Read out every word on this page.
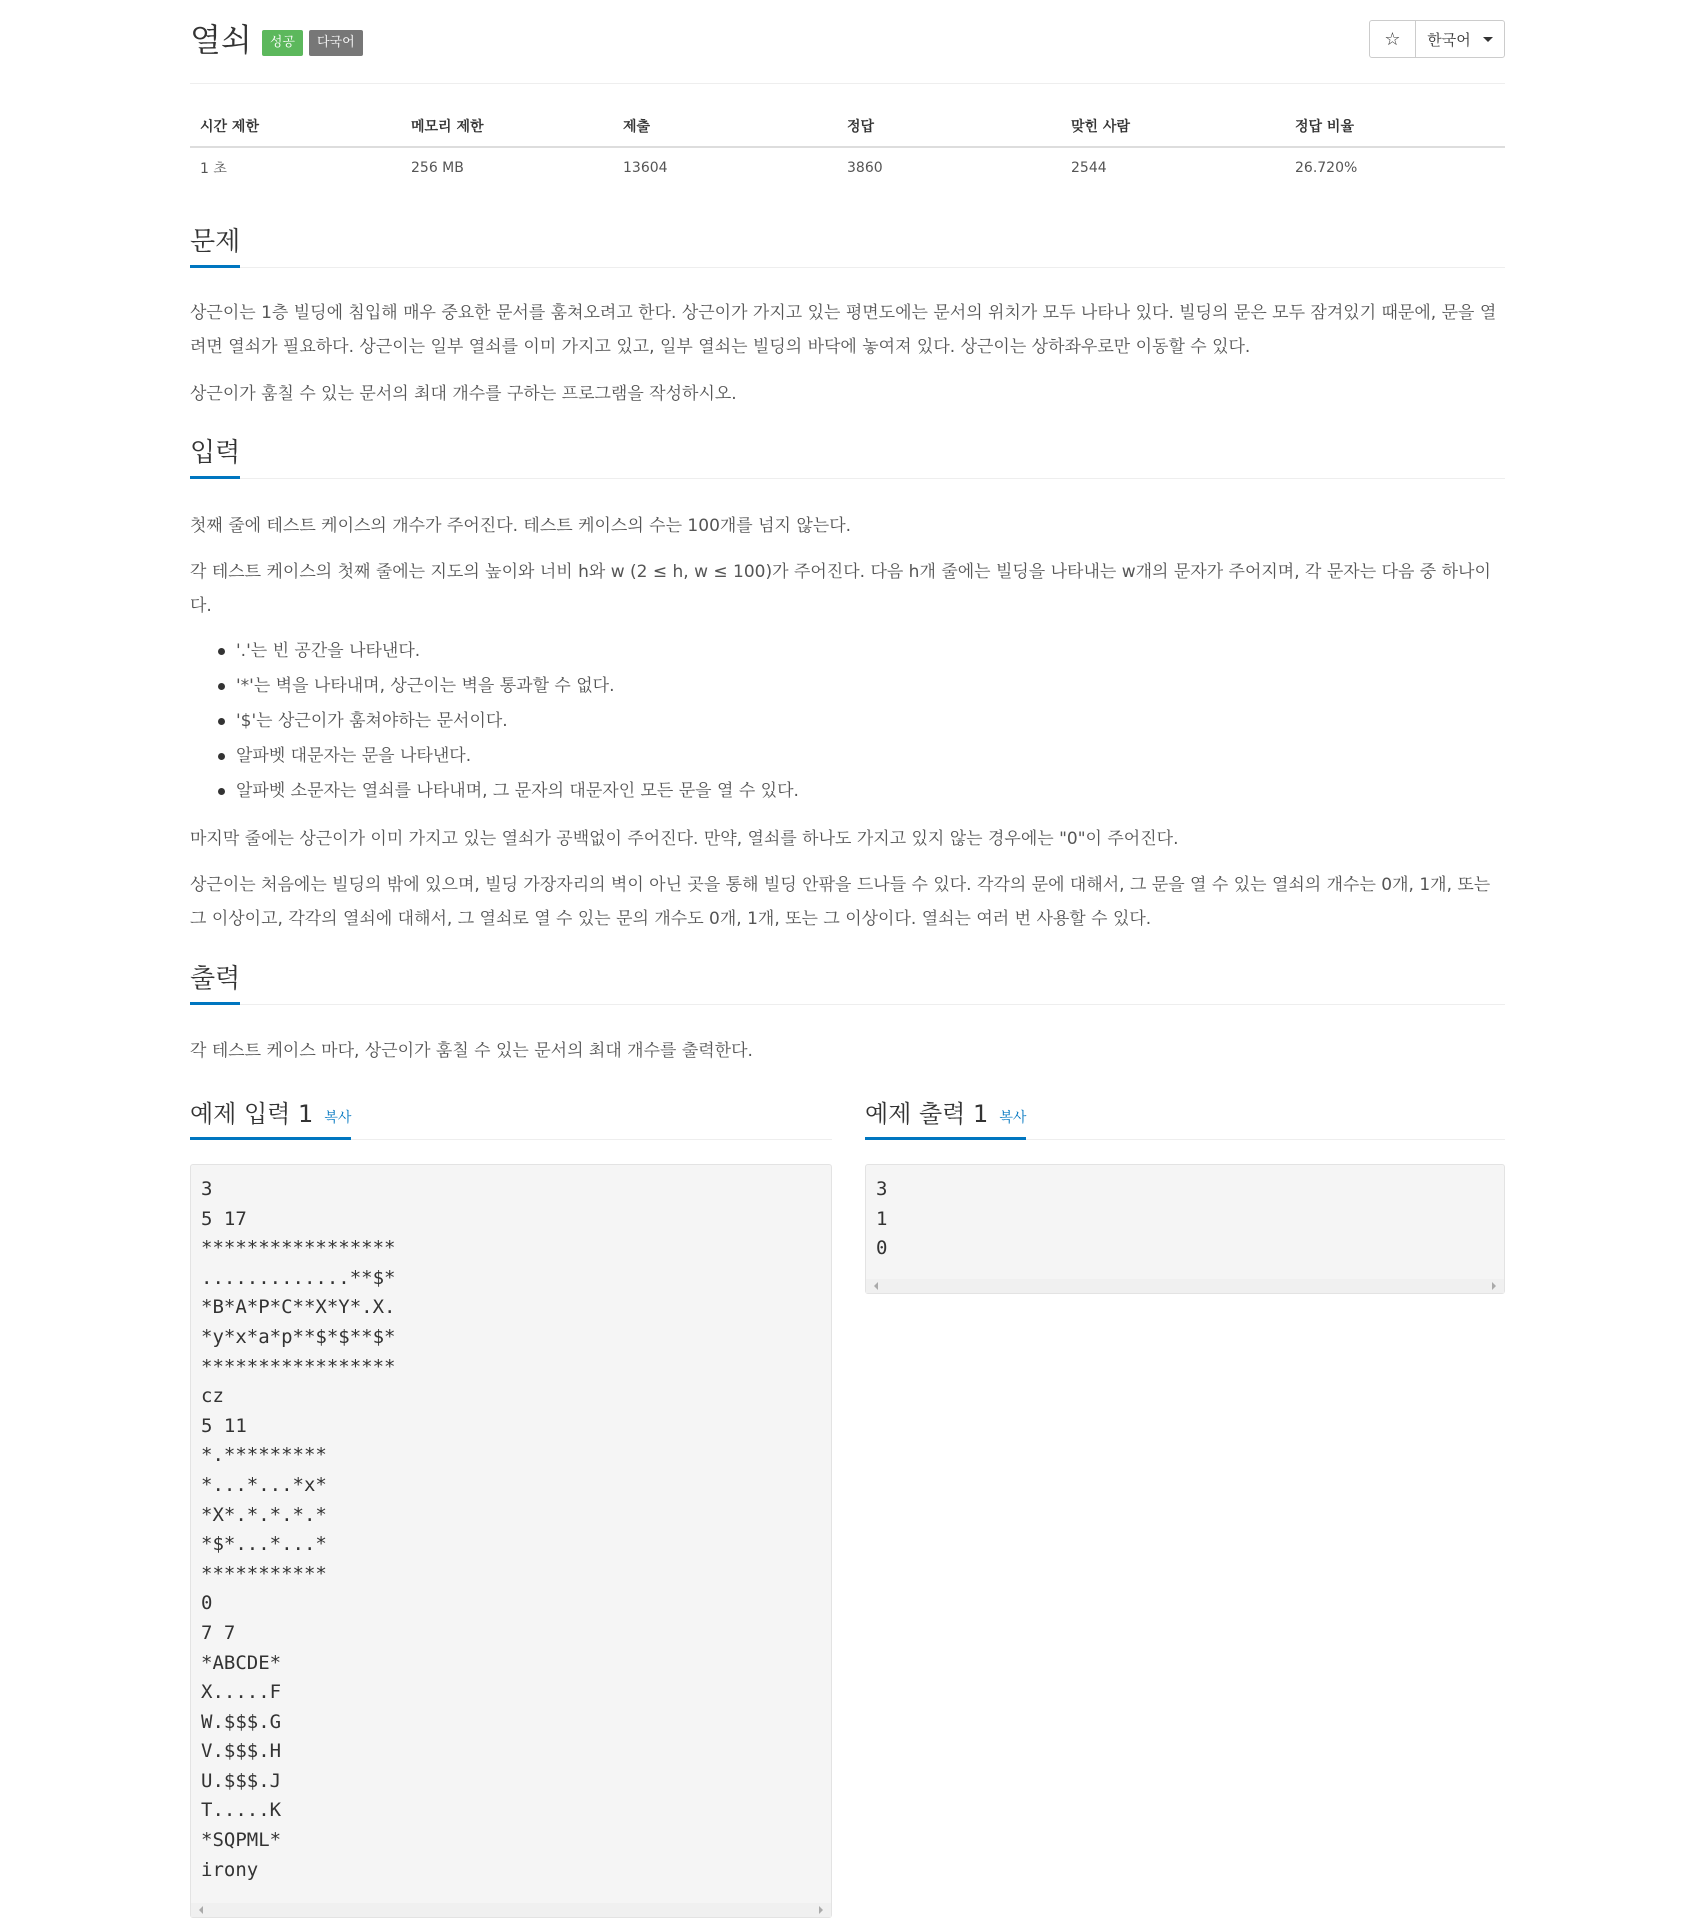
열쇠	성공	다국어	☆	한국어
시간 제한	메모리 제한	제출	정답	맞힌 사람	정답 비율
1 초	256 MB	13604	3860	2544	26.720%
문제

상근이는 1층 빌딩에 침입해 매우 중요한 문서를 훔쳐오려고 한다. 상근이가 가지고 있는 평면도에는 문서의 위치가 모두 나타나 있다. 빌딩의 문은 모두 잠겨있기 때문에, 문을 열려면 열쇠가 필요하다. 상근이는 일부 열쇠를 이미 가지고 있고, 일부 열쇠는 빌딩의 바닥에 놓여져 있다. 상근이는 상하좌우로만 이동할 수 있다.

상근이가 훔칠 수 있는 문서의 최대 개수를 구하는 프로그램을 작성하시오.

입력

첫째 줄에 테스트 케이스의 개수가 주어진다. 테스트 케이스의 수는 100개를 넘지 않는다.

각 테스트 케이스의 첫째 줄에는 지도의 높이와 너비 h와 w (2 ≤ h, w ≤ 100)가 주어진다. 다음 h개 줄에는 빌딩을 나타내는 w개의 문자가 주어지며, 각 문자는 다음 중 하나이다.

'.'는 빈 공간을 나타낸다.
'*'는 벽을 나타내며, 상근이는 벽을 통과할 수 없다.
'$'는 상근이가 훔쳐야하는 문서이다.
알파벳 대문자는 문을 나타낸다.
알파벳 소문자는 열쇠를 나타내며, 그 문자의 대문자인 모든 문을 열 수 있다.

마지막 줄에는 상근이가 이미 가지고 있는 열쇠가 공백없이 주어진다. 만약, 열쇠를 하나도 가지고 있지 않는 경우에는 "0"이 주어진다.

상근이는 처음에는 빌딩의 밖에 있으며, 빌딩 가장자리의 벽이 아닌 곳을 통해 빌딩 안팎을 드나들 수 있다. 각각의 문에 대해서, 그 문을 열 수 있는 열쇠의 개수는 0개, 1개, 또는 그 이상이고, 각각의 열쇠에 대해서, 그 열쇠로 열 수 있는 문의 개수도 0개, 1개, 또는 그 이상이다. 열쇠는 여러 번 사용할 수 있다.

출력

각 테스트 케이스 마다, 상근이가 훔칠 수 있는 문서의 최대 개수를 출력한다.

예제 입력 1 복사
3
5 17
*****************
.............**$*
*B*A*P*C**X*Y*.X.
*y*x*a*p**$*$**$*
*****************
cz
5 11
*.*********
*...*...*x*
*X*.*.*.*.*
*$*...*...*
***********
0
7 7
*ABCDE*
X.....F
W.$$$.G
V.$$$.H
U.$$$.J
T.....K
*SQPML*
irony
예제 출력 1 복사
3
1
0
